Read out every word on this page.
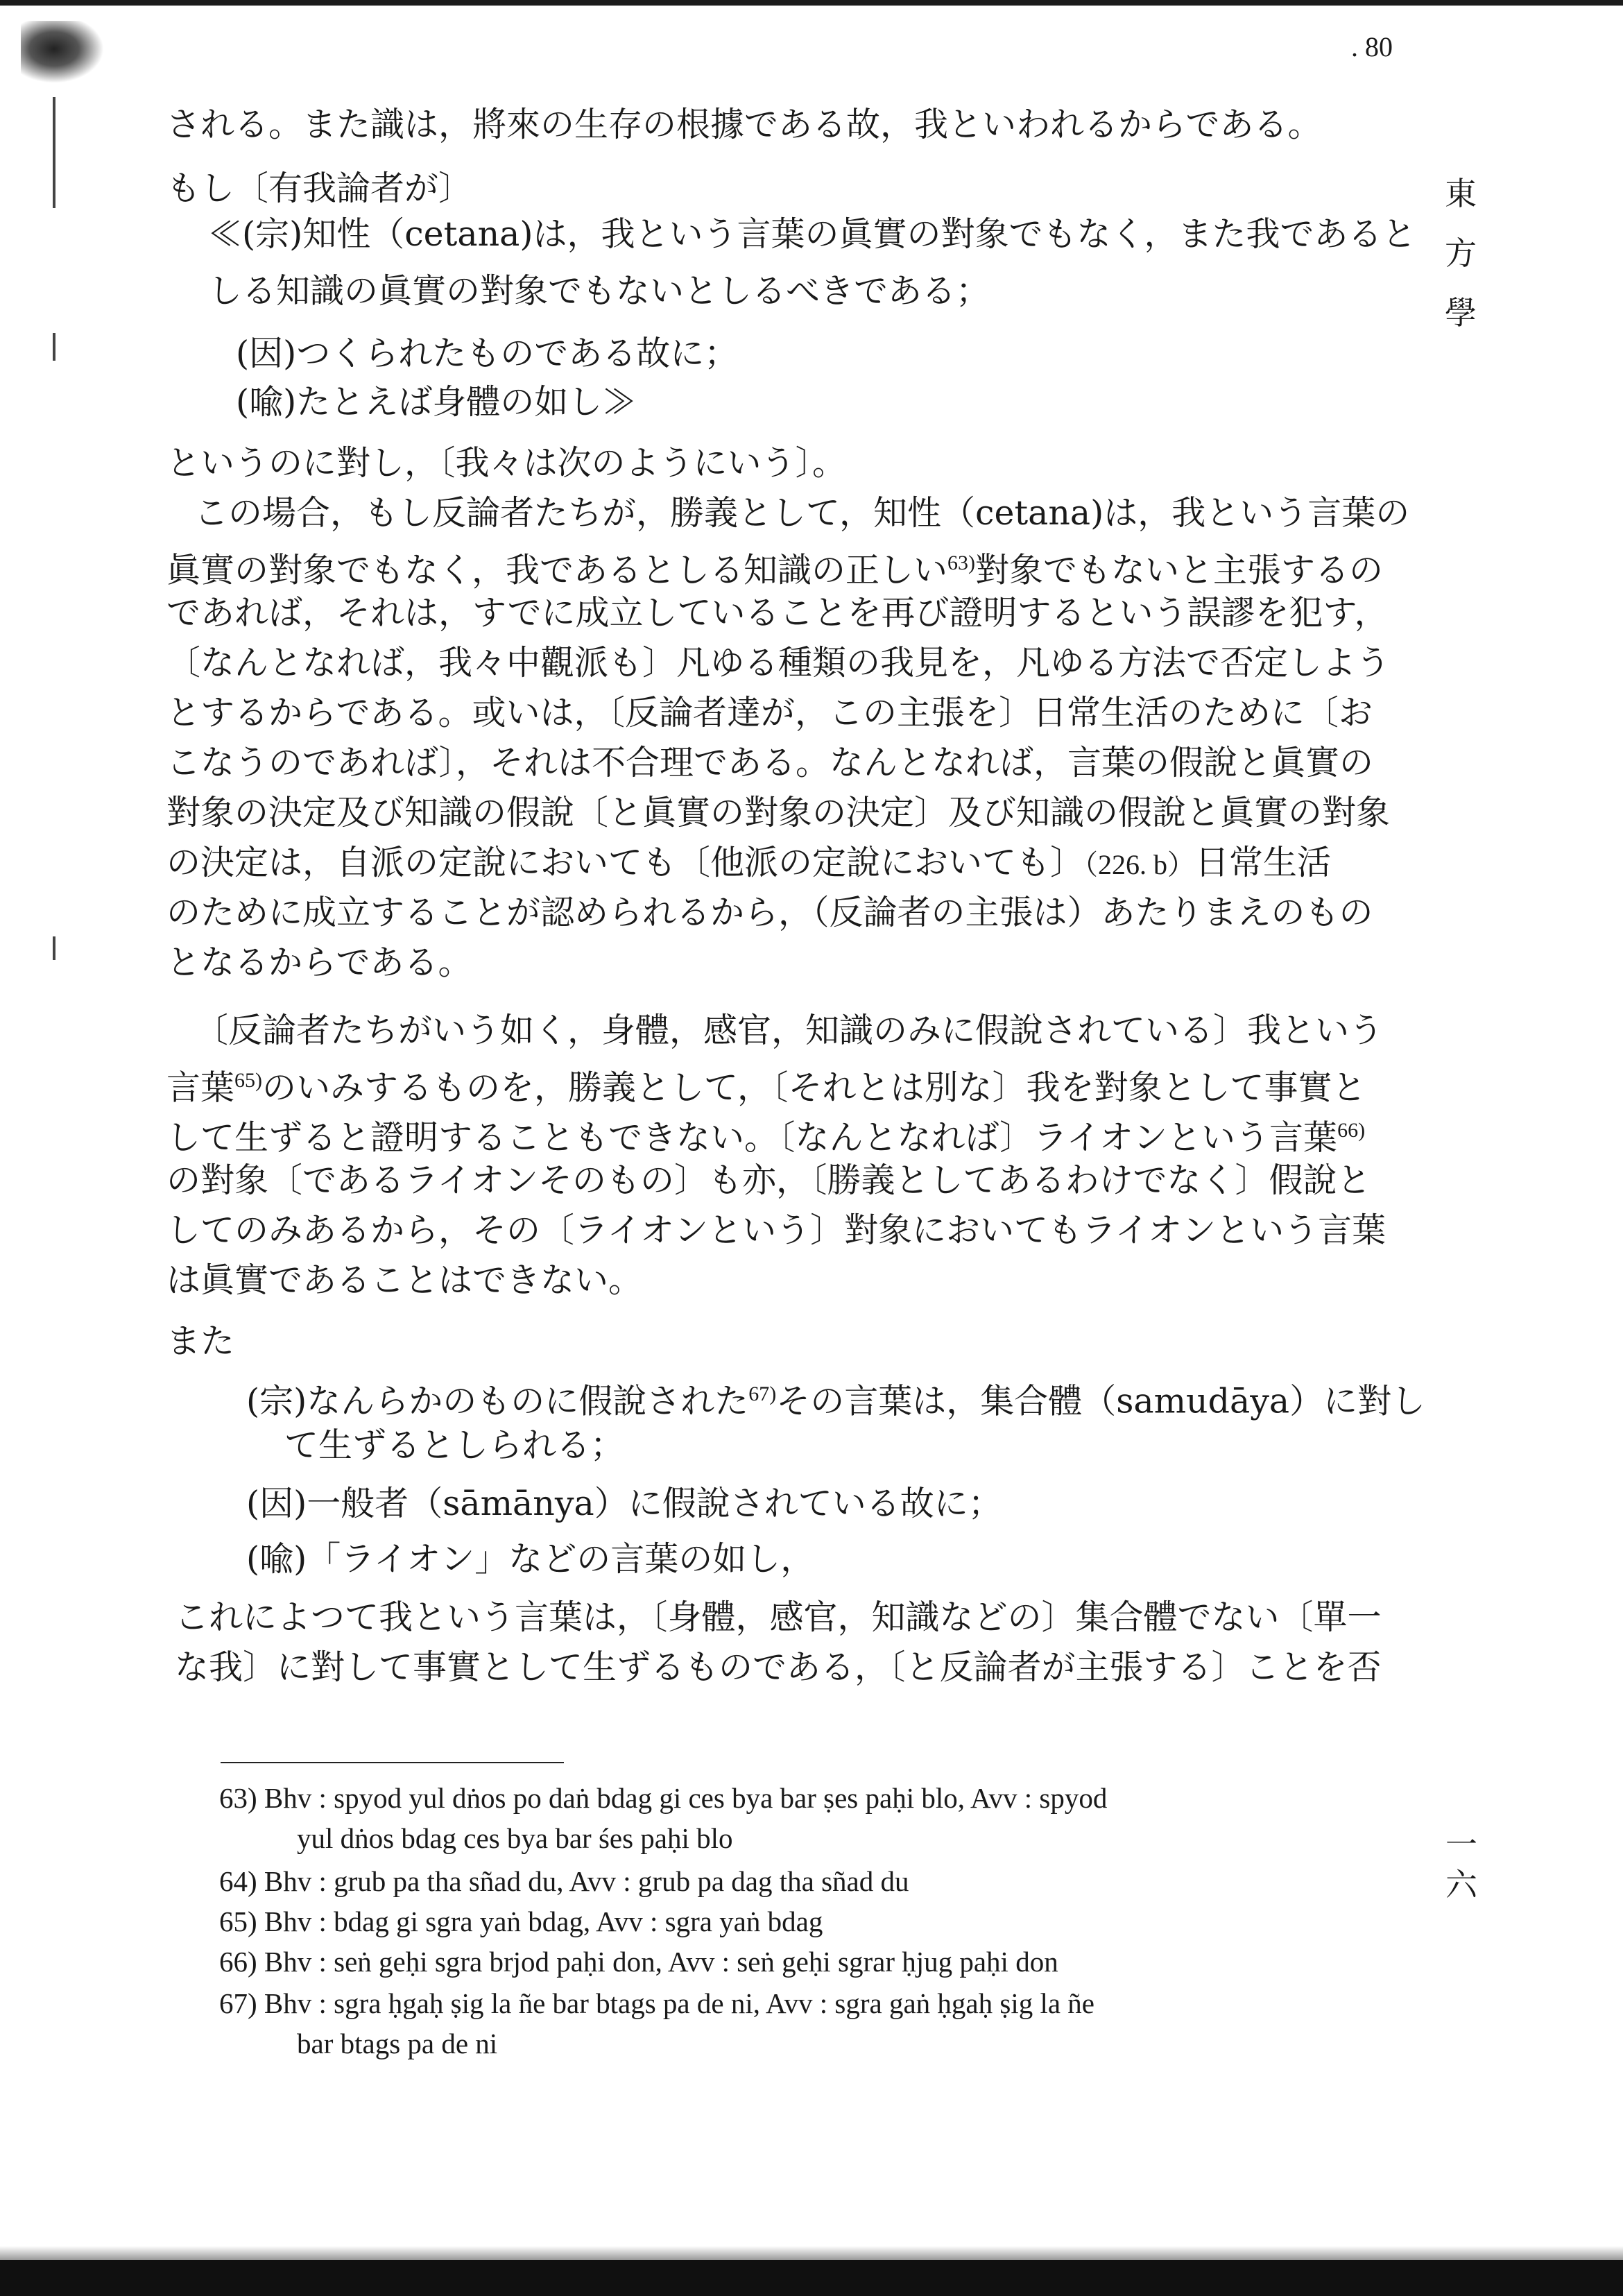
. 80
東方學
一六
される。また識は，將來の生存の根據である故，我といわれるからである。
もし〔有我論者が〕
≪(宗)知性（cetana)は，我という言葉の眞實の對象でもなく，また我であると
しる知識の眞實の對象でもないとしるべきである；
(因)つくられたものである故に；
(喩)たとえば身體の如し≫
というのに對し，〔我々は次のようにいう〕。
この場合，もし反論者たちが，勝義として，知性（cetana)は，我という言葉の
眞實の對象でもなく，我であるとしる知識の正しい$^{63)}$對象でもないと主張するの
であれば，それは，すでに成立していることを再び證明するという誤謬を犯す，
〔なんとなれば，我々中觀派も〕凡ゆる種類の我見を，凡ゆる方法で否定しよう
とするからである。或いは，〔反論者達が，この主張を〕日常生活のために〔お
こなうのであれば〕，それは不合理である。なんとなれば，言葉の假說と眞實の
對象の決定及び知識の假說〔と眞實の對象の決定〕及び知識の假說と眞實の對象
の決定は，自派の定說においても〔他派の定說においても〕（226. b）日常生活
のために成立することが認められるから，（反論者の主張は）あたりまえのもの
となるからである。
〔反論者たちがいう如く，身體，感官，知識のみに假說されている〕我という
言葉$^{65)}$のいみするものを，勝義として，〔それとは別な〕我を對象として事實と
して生ずると證明することもできない。〔なんとなれば〕ライオンという言葉$^{66)}$
の對象〔であるライオンそのもの〕も亦，〔勝義としてあるわけでなく〕假說と
してのみあるから，その〔ライオンという〕對象においてもライオンという言葉
は眞實であることはできない。
また
(宗)なんらかのものに假說された$^{67)}$その言葉は，集合體（samudāya）に對し
て生ずるとしられる；
(因)一般者（sāmānya）に假說されている故に；
(喩)「ライオン」などの言葉の如し，
これによつて我という言葉は，〔身體，感官，知識などの〕集合體でない〔單一
な我〕に對して事實として生ずるものである，〔と反論者が主張する〕ことを否
63) Bhv : spyod yul dṅos po daṅ bdag gi ces bya bar ṣes paḥi blo, Avv : spyod
yul dṅos bdag ces bya bar śes paḥi blo
64) Bhv : grub pa tha sñad du, Avv : grub pa dag tha sñad du
65) Bhv : bdag gi sgra yaṅ bdag, Avv : sgra yaṅ bdag
66) Bhv : seṅ geḥi sgra brjod paḥi don, Avv : seṅ geḥi sgrar ḥjug paḥi don
67) Bhv : sgra ḥgaḥ ṣig la ñe bar btags pa de ni, Avv : sgra gaṅ ḥgaḥ ṣig la ñe
bar btags pa de ni
